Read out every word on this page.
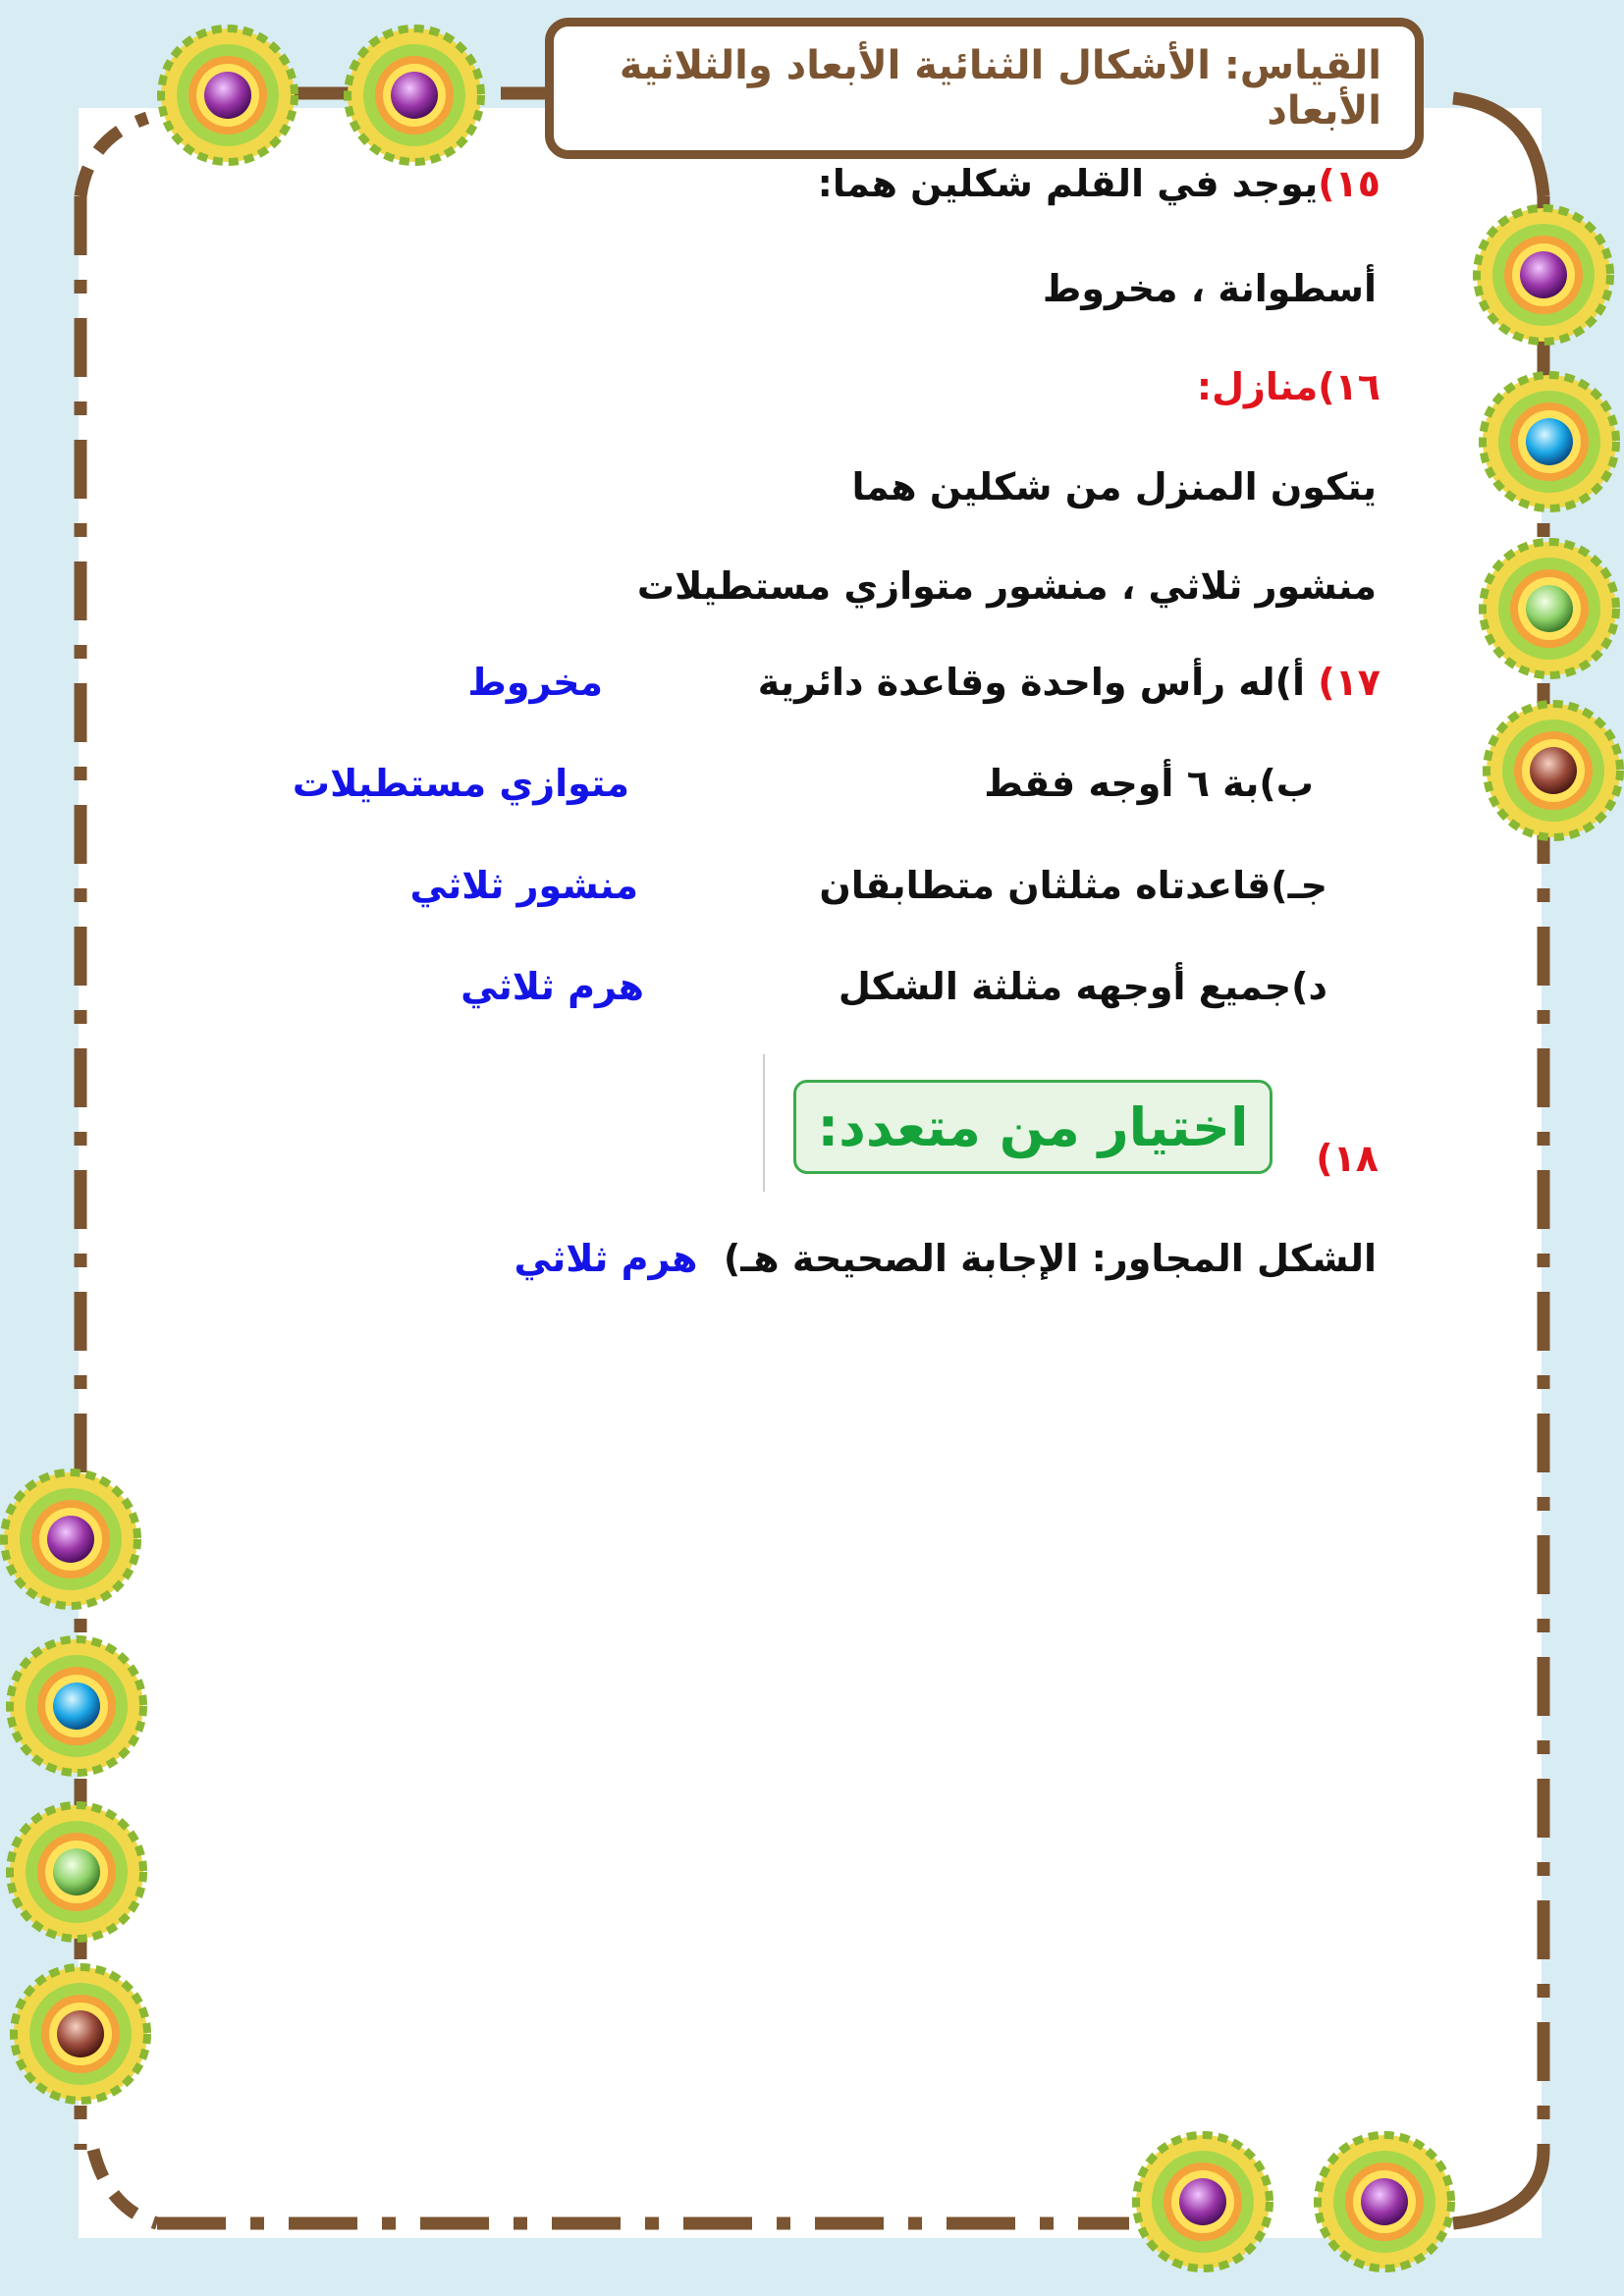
القياس: الأشكال الثنائية الأبعاد والثلاثية الأبعاد
١٥)يوجد في القلم شكلين هما:
أسطوانة ، مخروط
١٦)منازل:
يتكون المنزل من شكلين هما
منشور ثلاثي ، منشور متوازي مستطيلات
١٧) أ)له رأس واحدة وقاعدة دائرية
مخروط
ب)بة ٦ أوجه فقط
متوازي مستطيلات
جـ)قاعدتاه مثلثان متطابقان
منشور ثلاثي
د)جميع أوجهه مثلثة الشكل
هرم ثلاثي
اختيار من متعدد:
١٨)
الشكل المجاور: الإجابة الصحيحة هـ)  هرم ثلاثي
